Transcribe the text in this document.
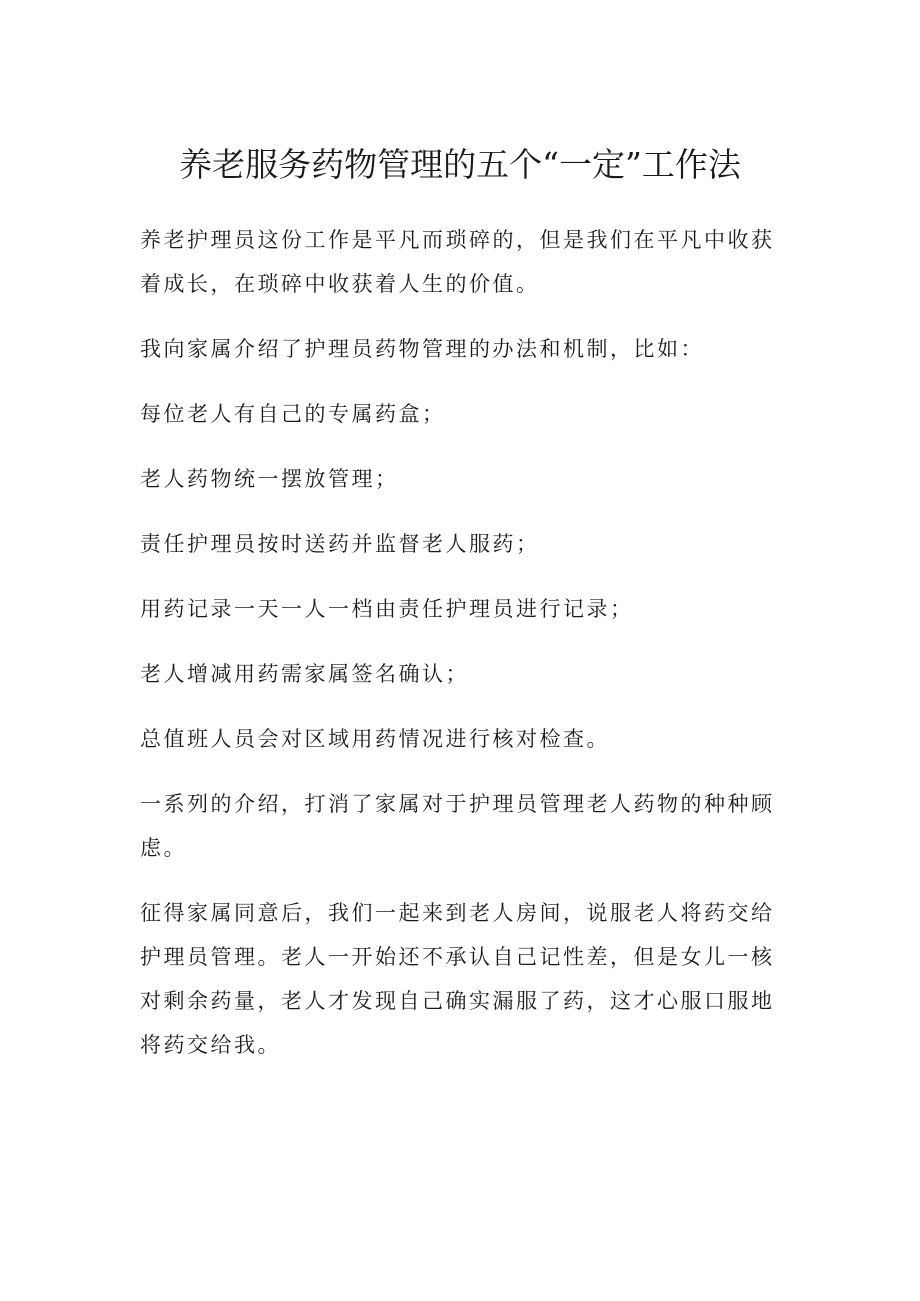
养老服务药物管理的五个“一定”工作法

养老护理员这份工作是平凡而琐碎的，但是我们在平凡中收获
着成长，在琐碎中收获着人生的价值。

我向家属介绍了护理员药物管理的办法和机制，比如：

每位老人有自己的专属药盒；

老人药物统一摆放管理；

责任护理员按时送药并监督老人服药；

用药记录一天一人一档由责任护理员进行记录；

老人增减用药需家属签名确认；

总值班人员会对区域用药情况进行核对检查。

一系列的介绍，打消了家属对于护理员管理老人药物的种种顾
虑。

征得家属同意后，我们一起来到老人房间，说服老人将药交给
护理员管理。老人一开始还不承认自己记性差，但是女儿一核
对剩余药量，老人才发现自己确实漏服了药，这才心服口服地
将药交给我。
